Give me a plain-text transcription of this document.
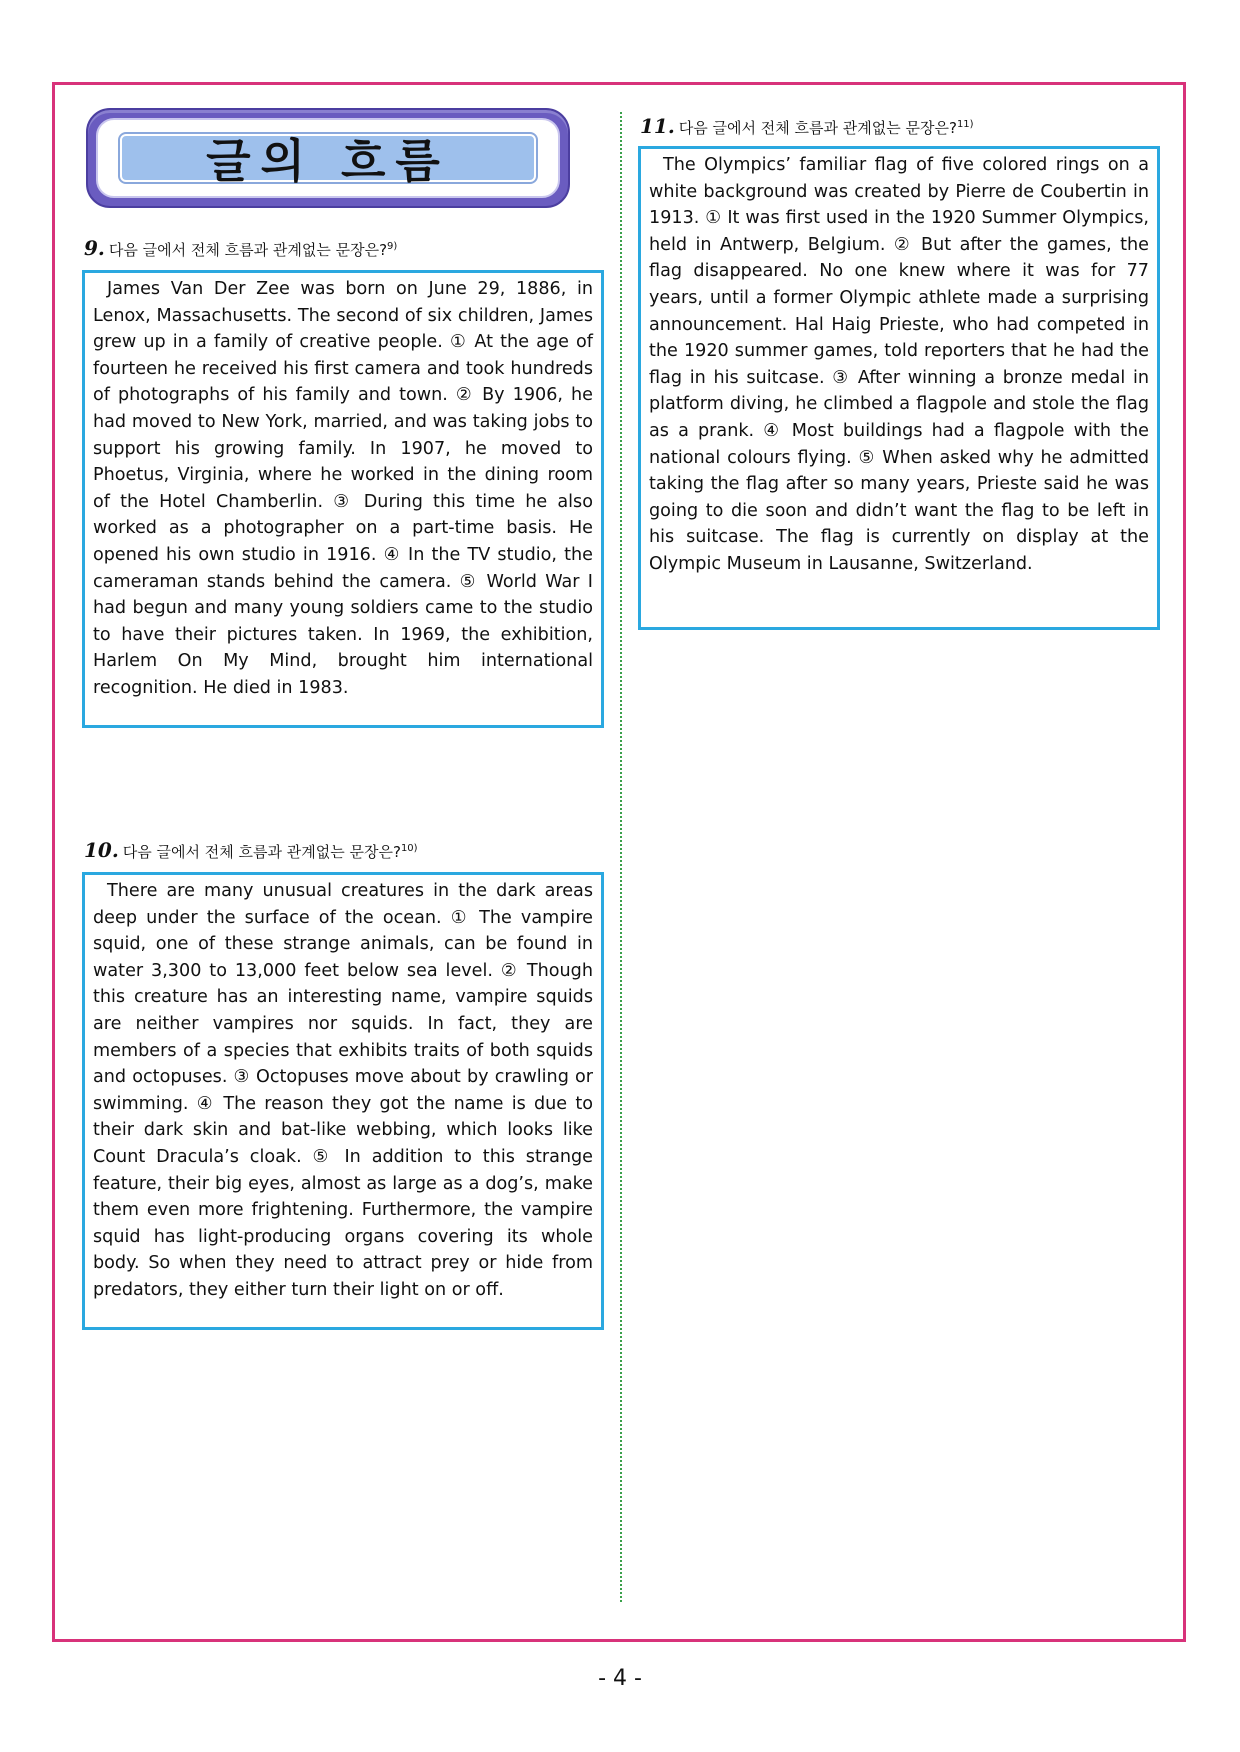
글의 흐름
9. 다음 글에서 전체 흐름과 관계없는 문장은?$^{9)}$
James Van Der Zee was born on June 29, 1886, in Lenox, Massachusetts. The second of six children, James grew up in a family of creative people. ① At the age of fourteen he received his first camera and took hundreds of photographs of his family and town. ② By 1906, he had moved to New York, married, and was taking jobs to support his growing family. In 1907, he moved to Phoetus, Virginia, where he worked in the dining room of the Hotel Chamberlin. ③ During this time he also worked as a photographer on a part-time basis. He opened his own studio in 1916. ④ In the TV studio, the cameraman stands behind the camera. ⑤ World War Ⅰ had begun and many young soldiers came to the studio to have their pictures taken. In 1969, the exhibition, Harlem On My Mind, brought him international recognition. He died in 1983.
10. 다음 글에서 전체 흐름과 관계없는 문장은?$^{10)}$
There are many unusual creatures in the dark areas deep under the surface of the ocean. ① The vampire squid, one of these strange animals, can be found in water 3,300 to 13,000 feet below sea level. ② Though this creature has an interesting name, vampire squids are neither vampires nor squids. In fact, they are members of a species that exhibits traits of both squids and octopuses. ③ Octopuses move about by crawling or swimming. ④ The reason they got the name is due to their dark skin and bat-like webbing, which looks like Count Dracula’s cloak. ⑤ In addition to this strange feature, their big eyes, almost as large as a dog’s, make them even more frightening. Furthermore, the vampire squid has light-producing organs covering its whole body. So when they need to attract prey or hide from predators, they either turn their light on or off.
11. 다음 글에서 전체 흐름과 관계없는 문장은?$^{11)}$
The Olympics’ familiar flag of five colored rings on a white background was created by Pierre de Coubertin in 1913. ① It was first used in the 1920 Summer Olympics, held in Antwerp, Belgium. ② But after the games, the flag disappeared. No one knew where it was for 77 years, until a former Olympic athlete made a surprising announcement. Hal Haig Prieste, who had competed in the 1920 summer games, told reporters that he had the flag in his suitcase. ③ After winning a bronze medal in platform diving, he climbed a flagpole and stole the flag as a prank. ④ Most buildings had a flagpole with the national colours flying. ⑤ When asked why he admitted taking the flag after so many years, Prieste said he was going to die soon and didn’t want the flag to be left in his suitcase. The flag is currently on display at the Olympic Museum in Lausanne, Switzerland.
- 4 -
